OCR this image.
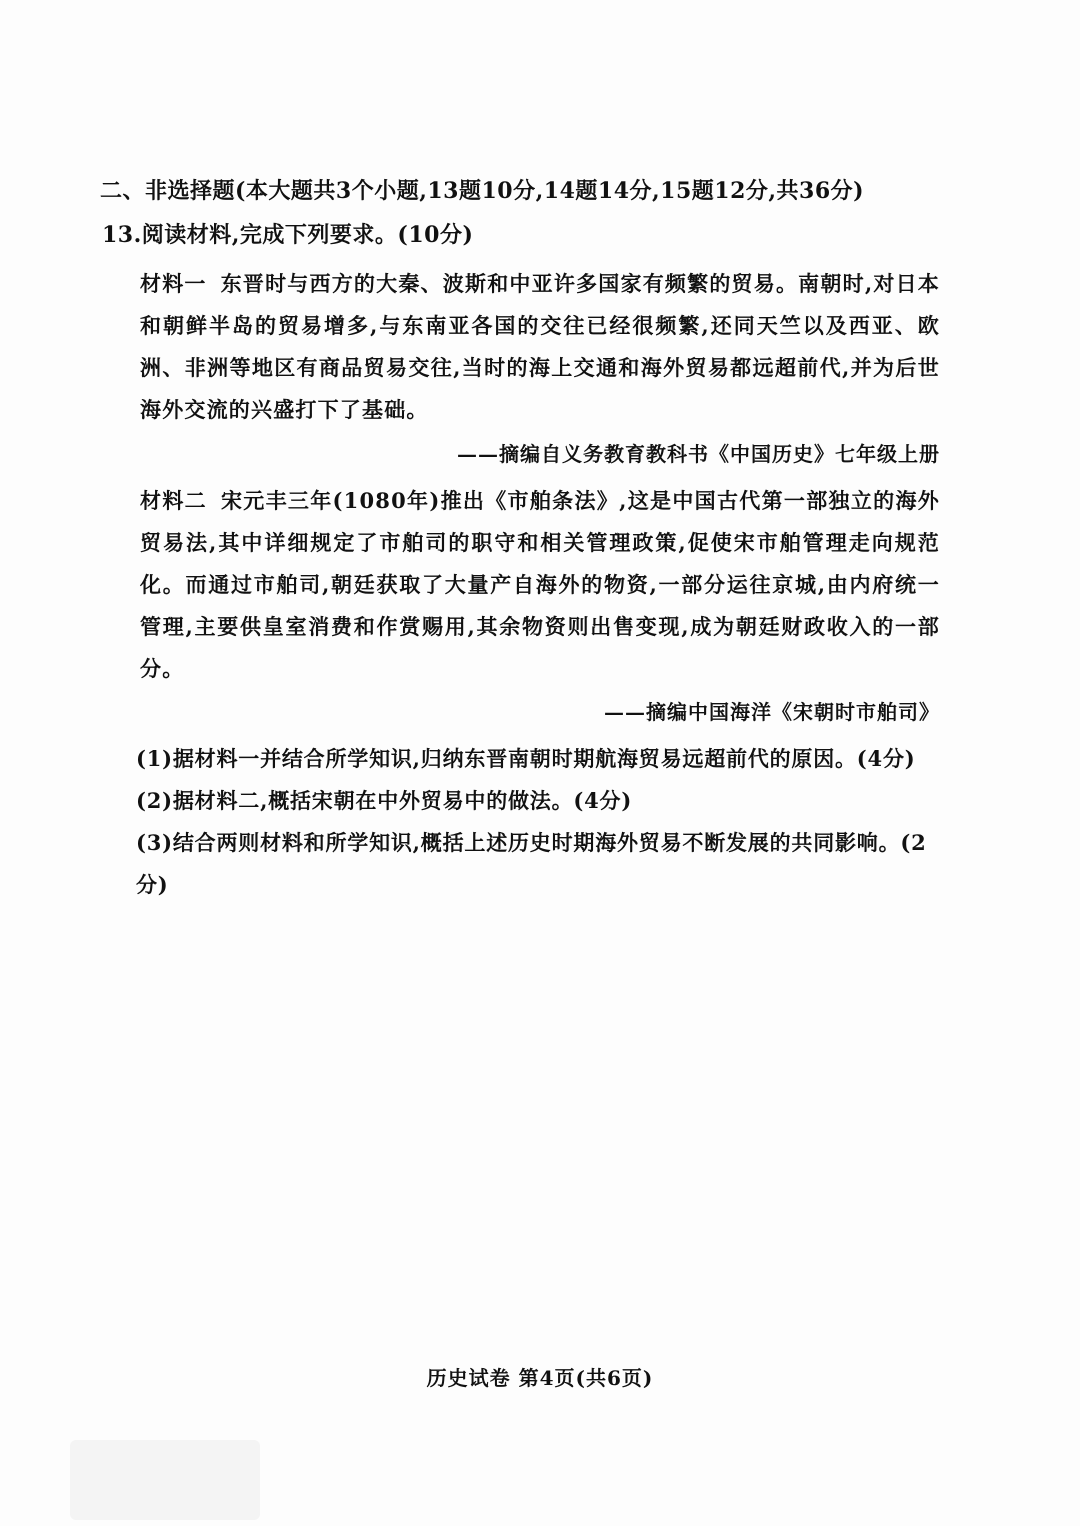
二、非选择题(本大题共3个小题,13题10分,14题14分,15题12分,共36分)
13.阅读材料,完成下列要求。(10分)
材料一 东晋时与西方的大秦、波斯和中亚许多国家有频繁的贸易。南朝时,对日本和朝鲜半岛的贸易增多,与东南亚各国的交往已经很频繁,还同天竺以及西亚、欧洲、非洲等地区有商品贸易交往,当时的海上交通和海外贸易都远超前代,并为后世海外交流的兴盛打下了基础。
——摘编自义务教育教科书《中国历史》七年级上册
材料二 宋元丰三年(1080年)推出《市舶条法》,这是中国古代第一部独立的海外贸易法,其中详细规定了市舶司的职守和相关管理政策,促使宋市舶管理走向规范化。而通过市舶司,朝廷获取了大量产自海外的物资,一部分运往京城,由内府统一管理,主要供皇室消费和作赏赐用,其余物资则出售变现,成为朝廷财政收入的一部分。
——摘编中国海洋《宋朝时市舶司》
(1)据材料一并结合所学知识,归纳东晋南朝时期航海贸易远超前代的原因。(4分)
(2)据材料二,概括宋朝在中外贸易中的做法。(4分)
(3)结合两则材料和所学知识,概括上述历史时期海外贸易不断发展的共同影响。(2分)
历史试卷 第4页(共6页)
